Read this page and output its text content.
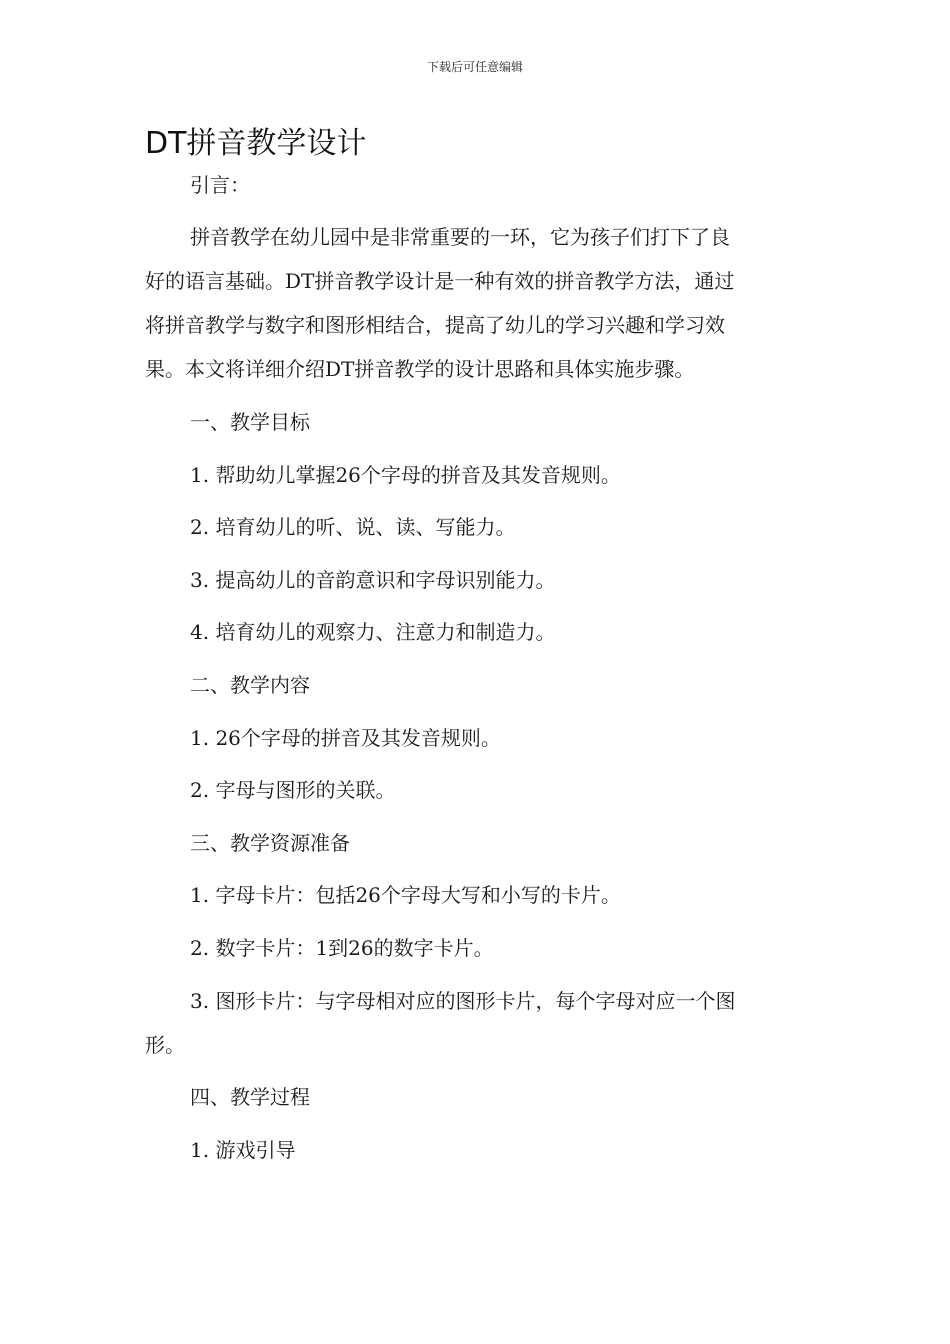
下载后可任意编辑
DT拼音教学设计
引言：
拼音教学在幼儿园中是非常重要的一环，它为孩子们打下了良
好的语言基础。DT拼音教学设计是一种有效的拼音教学方法，通过
将拼音教学与数字和图形相结合，提高了幼儿的学习兴趣和学习效
果。本文将详细介绍DT拼音教学的设计思路和具体实施步骤。
一、教学目标
1. 帮助幼儿掌握26个字母的拼音及其发音规则。
2. 培育幼儿的听、说、读、写能力。
3. 提高幼儿的音韵意识和字母识别能力。
4. 培育幼儿的观察力、注意力和制造力。
二、教学内容
1. 26个字母的拼音及其发音规则。
2. 字母与图形的关联。
三、教学资源准备
1. 字母卡片：包括26个字母大写和小写的卡片。
2. 数字卡片：1到26的数字卡片。
3. 图形卡片：与字母相对应的图形卡片，每个字母对应一个图
形。
四、教学过程
1. 游戏引导
